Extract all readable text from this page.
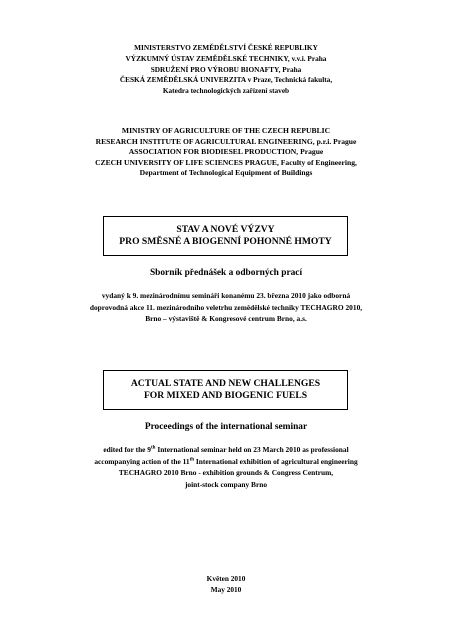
MINISTERSTVO ZEMĚDĚLSTVÍ ČESKÉ REPUBLIKY
VÝZKUMNÝ ÚSTAV ZEMĚDĚLSKÉ TECHNIKY, v.v.i. Praha
SDRUŽENÍ PRO VÝROBU BIONAFTY, Praha
ČESKÁ ZEMĚDĚLSKÁ UNIVERZITA v Praze, Technická fakulta,
Katedra technologických zařízení staveb
MINISTRY OF AGRICULTURE OF THE CZECH REPUBLIC
RESEARCH INSTITUTE OF AGRICULTURAL ENGINEERING, p.r.i. Prague
ASSOCIATION FOR BIODIESEL PRODUCTION, Prague
CZECH UNIVERSITY OF LIFE SCIENCES PRAGUE, Faculty of Engineering,
Department of Technological Equipment of Buildings
STAV A NOVÉ VÝZVY
PRO SMĚSNÉ A BIOGENNÍ POHONNÉ HMOTY
Sborník přednášek a odborných prací
vydaný k 9. mezinárodnímu semináři konanému 23. března 2010 jako odborná
doprovodná akce 11. mezinárodního veletrhu zemědělské techniky TECHAGRO 2010,
Brno – výstaviště & Kongresové centrum Brno, a.s.
ACTUAL STATE AND NEW CHALLENGES
FOR MIXED AND BIOGENIC FUELS
Proceedings of the international seminar
edited for the 9th International seminar held on 23 March 2010 as professional
accompanying action of the 11th International exhibition of agricultural engineering
TECHAGRO 2010 Brno - exhibition grounds & Congress Centrum,
joint-stock company Brno
Květen 2010
May 2010
